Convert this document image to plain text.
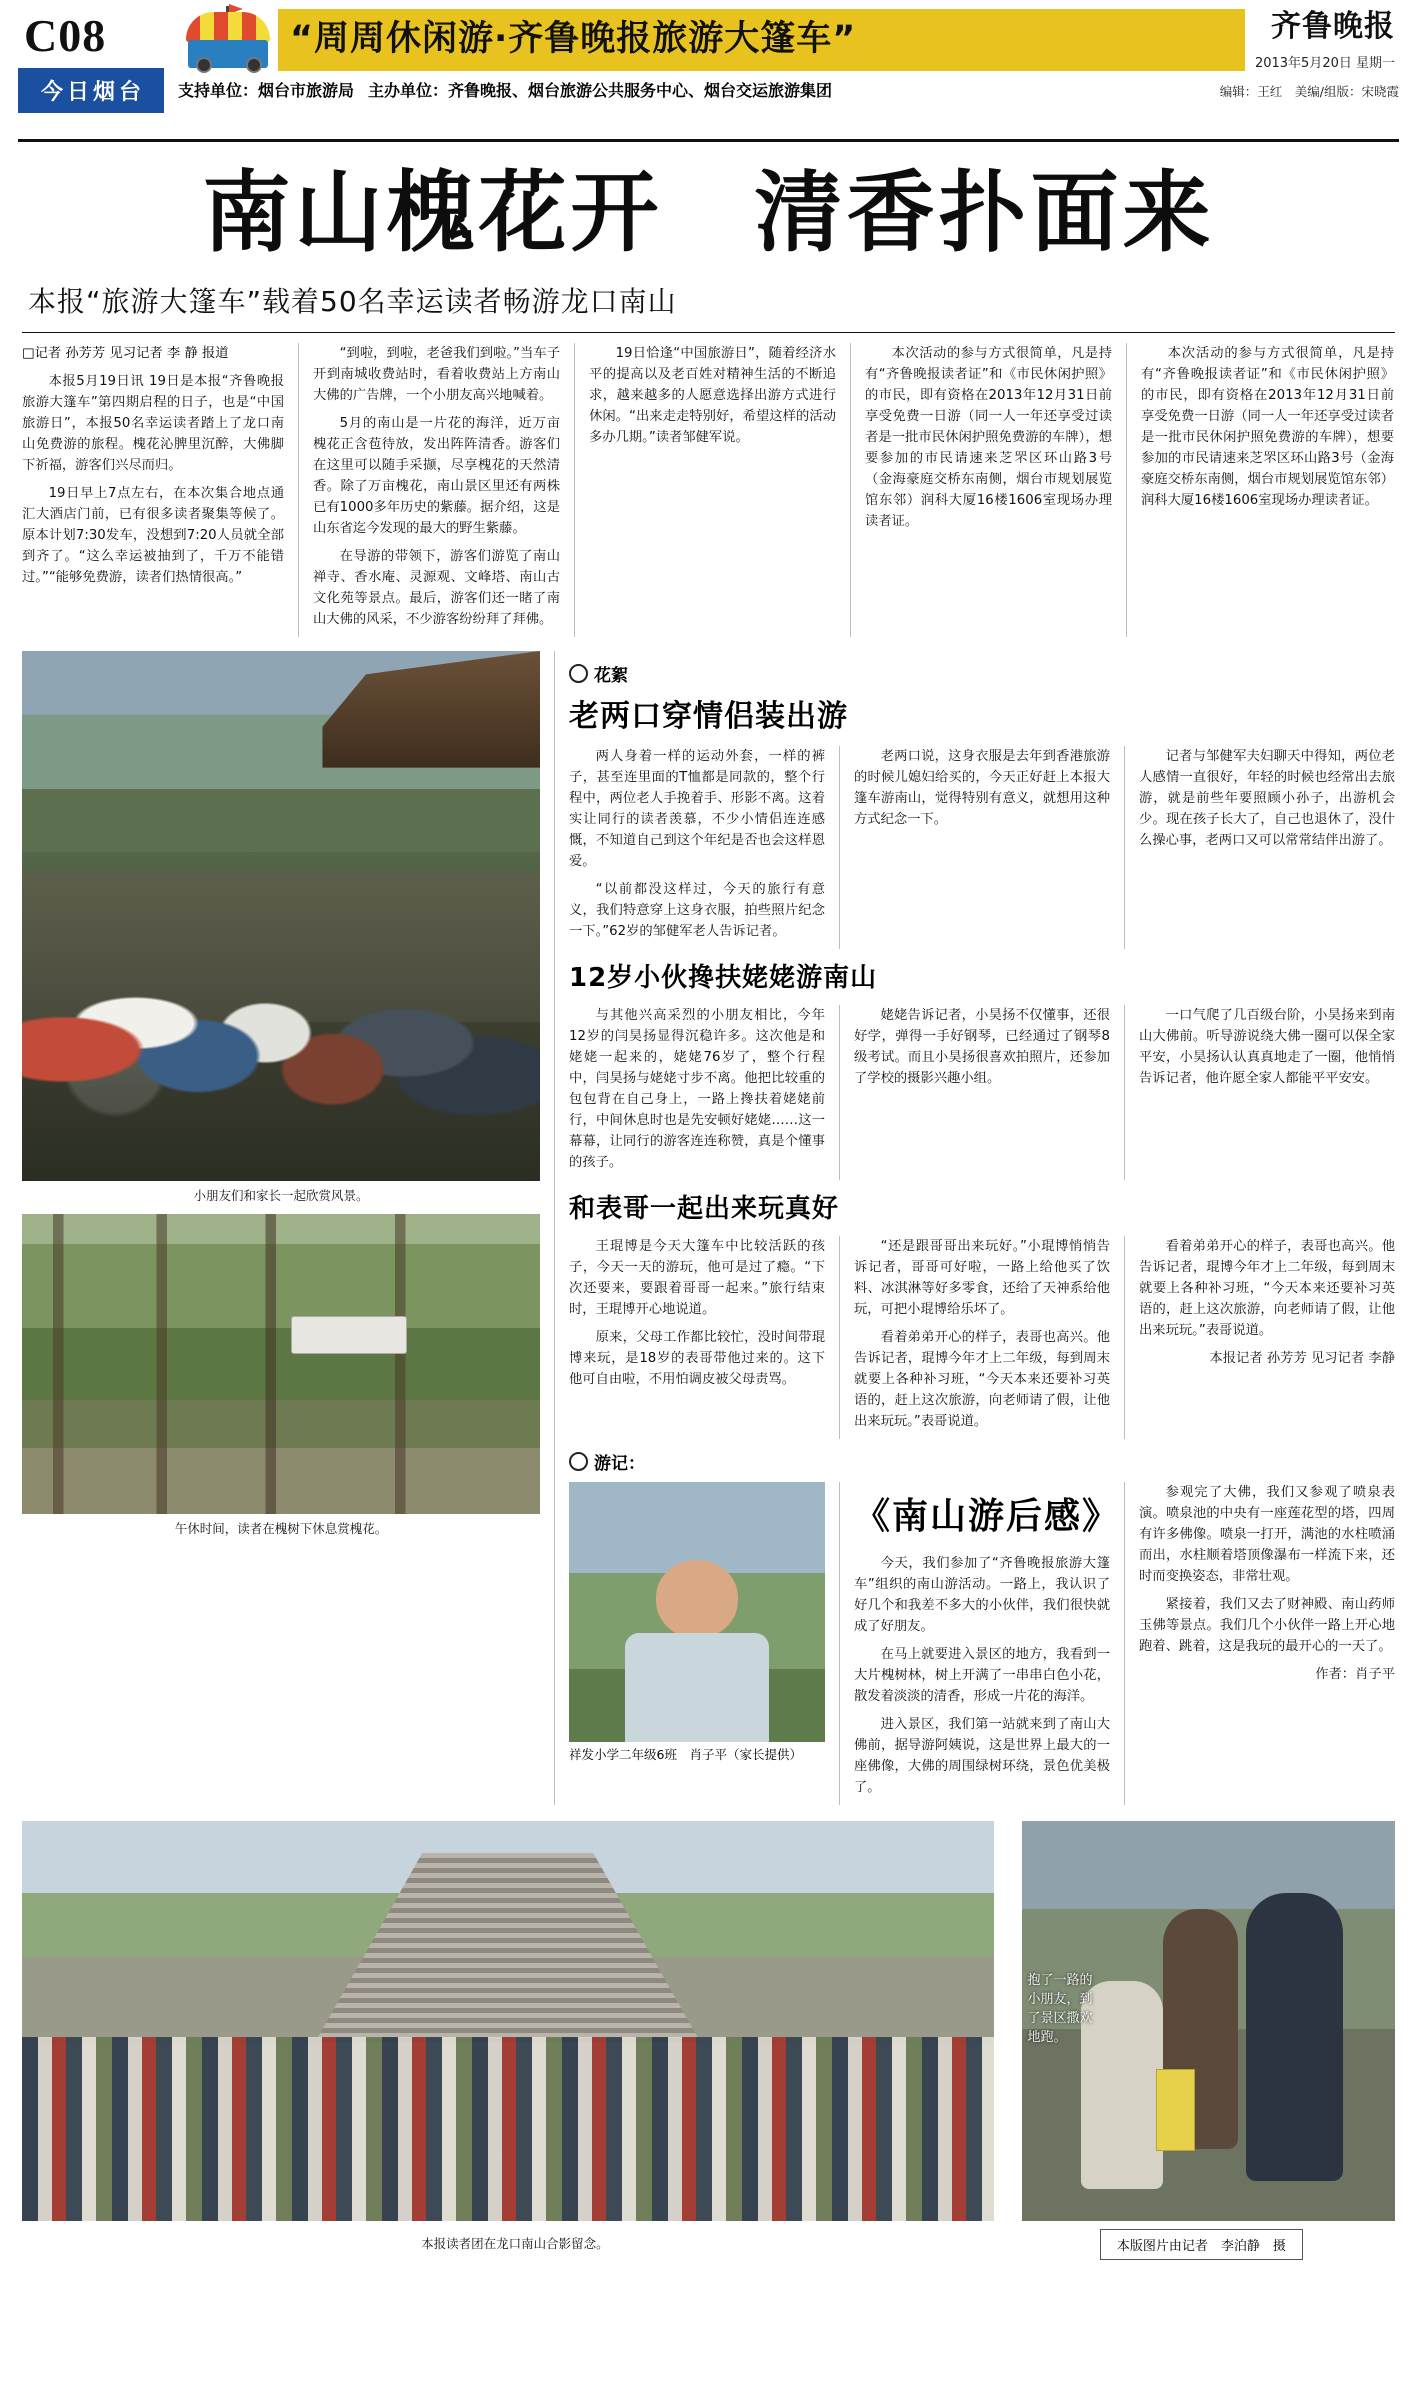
C08
今日烟台
“周周休闲游·齐鲁晚报旅游大篷车”	齐鲁晚报
2013年5月20日 星期一
支持单位：烟台市旅游局 主办单位：齐鲁晚报、烟台旅游公共服务中心、烟台交运旅游集团	编辑：王红　美编/组版：宋晓霞
南山槐花开　清香扑面来
本报“旅游大篷车”载着50名幸运读者畅游龙口南山

□记者 孙芳芳 见习记者 李 静 报道

本报5月19日讯 19日是本报“齐鲁晚报旅游大篷车”第四期启程的日子，也是“中国旅游日”，本报50名幸运读者踏上了龙口南山免费游的旅程。槐花沁脾里沉醉，大佛脚下祈福，游客们兴尽而归。

19日早上7点左右，在本次集合地点通汇大酒店门前，已有很多读者聚集等候了。原本计划7:30发车，没想到7:20人员就全部到齐了。“这么幸运被抽到了，千万不能错过。”“能够免费游，读者们热情很高。”

“到啦，到啦，老爸我们到啦。”当车子开到南城收费站时，看着收费站上方南山大佛的广告牌，一个小朋友高兴地喊着。

5月的南山是一片花的海洋，近万亩槐花正含苞待放，发出阵阵清香。游客们在这里可以随手采撷，尽享槐花的天然清香。除了万亩槐花，南山景区里还有两株已有1000多年历史的紫藤。据介绍，这是山东省迄今发现的最大的野生紫藤。

在导游的带领下，游客们游览了南山禅寺、香水庵、灵源观、文峰塔、南山古文化苑等景点。最后，游客们还一睹了南山大佛的风采，不少游客纷纷拜了拜佛。

19日恰逢“中国旅游日”，随着经济水平的提高以及老百姓对精神生活的不断追求，越来越多的人愿意选择出游方式进行休闲。“出来走走特别好，希望这样的活动多办几期。”读者邹健军说。

本次活动的参与方式很简单，凡是持有“齐鲁晚报读者证”和《市民休闲护照》的市民，即有资格在2013年12月31日前享受免费一日游（同一人一年还享受过读者是一批市民休闲护照免费游的车牌），想要参加的市民请速来芝罘区环山路3号（金海豪庭交桥东南侧，烟台市规划展览馆东邻）润科大厦16楼1606室现场办理读者证。

本次活动的参与方式很简单，凡是持有“齐鲁晚报读者证”和《市民休闲护照》的市民，即有资格在2013年12月31日前享受免费一日游（同一人一年还享受过读者是一批市民休闲护照免费游的车牌），想要参加的市民请速来芝罘区环山路3号（金海豪庭交桥东南侧，烟台市规划展览馆东邻）润科大厦16楼1606室现场办理读者证。

小朋友们和家长一起欣赏风景。
午休时间，读者在槐树下休息赏槐花。
花絮
老两口穿情侣装出游

两人身着一样的运动外套，一样的裤子，甚至连里面的T恤都是同款的，整个行程中，两位老人手挽着手、形影不离。这着实让同行的读者羡慕，不少小情侣连连感慨，不知道自己到这个年纪是否也会这样恩爱。

“以前都没这样过，今天的旅行有意义，我们特意穿上这身衣服，拍些照片纪念一下。”62岁的邹健军老人告诉记者。

老两口说，这身衣服是去年到香港旅游的时候儿媳妇给买的，今天正好赶上本报大篷车游南山，觉得特别有意义，就想用这种方式纪念一下。

记者与邹健军夫妇聊天中得知，两位老人感情一直很好，年轻的时候也经常出去旅游，就是前些年要照顾小孙子，出游机会少。现在孩子长大了，自己也退休了，没什么操心事，老两口又可以常常结伴出游了。

12岁小伙搀扶姥姥游南山

与其他兴高采烈的小朋友相比，今年12岁的闫昊扬显得沉稳许多。这次他是和姥姥一起来的，姥姥76岁了，整个行程中，闫昊扬与姥姥寸步不离。他把比较重的包包背在自己身上，一路上搀扶着姥姥前行，中间休息时也是先安顿好姥姥……这一幕幕，让同行的游客连连称赞，真是个懂事的孩子。

姥姥告诉记者，小昊扬不仅懂事，还很好学，弹得一手好钢琴，已经通过了钢琴8级考试。而且小昊扬很喜欢拍照片，还参加了学校的摄影兴趣小组。

一口气爬了几百级台阶，小昊扬来到南山大佛前。听导游说绕大佛一圈可以保全家平安，小昊扬认认真真地走了一圈，他悄悄告诉记者，他许愿全家人都能平平安安。

和表哥一起出来玩真好

王琨博是今天大篷车中比较活跃的孩子，今天一天的游玩，他可是过了瘾。“下次还要来，要跟着哥哥一起来。”旅行结束时，王琨博开心地说道。

原来，父母工作都比较忙，没时间带琨博来玩，是18岁的表哥带他过来的。这下他可自由啦，不用怕调皮被父母责骂。

“还是跟哥哥出来玩好。”小琨博悄悄告诉记者，哥哥可好啦，一路上给他买了饮料、冰淇淋等好多零食，还给了天神系给他玩，可把小琨博给乐坏了。

看着弟弟开心的样子，表哥也高兴。他告诉记者，琨博今年才上二年级，每到周末就要上各种补习班，“今天本来还要补习英语的，赶上这次旅游，向老师请了假，让他出来玩玩。”表哥说道。

看着弟弟开心的样子，表哥也高兴。他告诉记者，琨博今年才上二年级，每到周末就要上各种补习班，“今天本来还要补习英语的，赶上这次旅游，向老师请了假，让他出来玩玩。”表哥说道。

本报记者 孙芳芳 见习记者 李静

游记：
祥发小学二年级6班　肖子平（家长提供）
《南山游后感》

今天，我们参加了“齐鲁晚报旅游大篷车”组织的南山游活动。一路上，我认识了好几个和我差不多大的小伙伴，我们很快就成了好朋友。

在马上就要进入景区的地方，我看到一大片槐树林，树上开满了一串串白色小花，散发着淡淡的清香，形成一片花的海洋。

进入景区，我们第一站就来到了南山大佛前，据导游阿姨说，这是世界上最大的一座佛像，大佛的周围绿树环绕，景色优美极了。

参观完了大佛，我们又参观了喷泉表演。喷泉池的中央有一座莲花型的塔，四周有许多佛像。喷泉一打开，满池的水柱喷涌而出，水柱顺着塔顶像瀑布一样流下来，还时而变换姿态，非常壮观。

紧接着，我们又去了财神殿、南山药师玉佛等景点。我们几个小伙伴一路上开心地跑着、跳着，这是我玩的最开心的一天了。

作者：肖子平

抱了一路的小朋友，到了景区撒欢地跑。
本报读者团在龙口南山合影留念。	本版图片由记者　李泊静　摄
